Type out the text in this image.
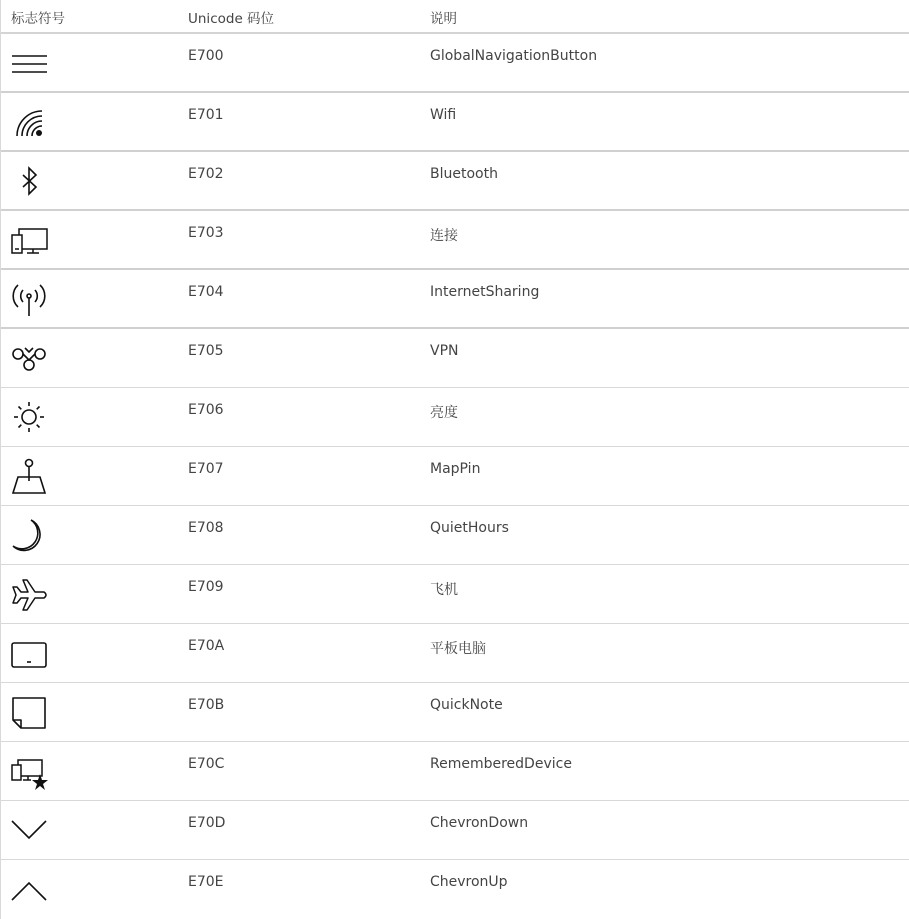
标志符号	Unicode 码位	说明
E700	GlobalNavigationButton
E701	Wifi
E702	Bluetooth
E703	连接
E704	InternetSharing
E705	VPN
E706	亮度
E707	MapPin
E708	QuietHours
E709	飞机
E70A	平板电脑
E70B	QuickNote
E70C	RememberedDevice
E70D	ChevronDown
E70E	ChevronUp
